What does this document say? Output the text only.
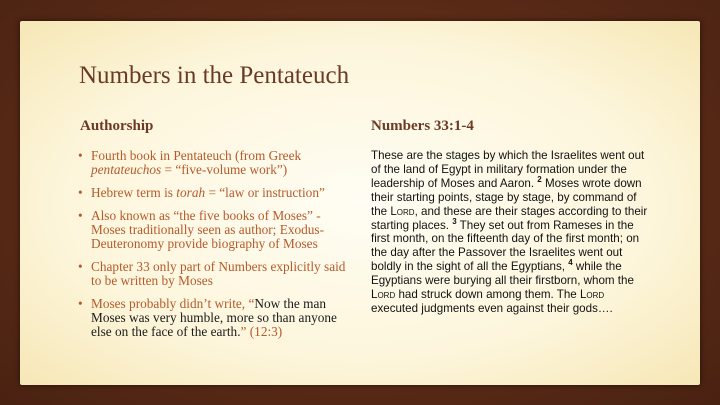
Numbers in the Pentateuch
Authorship	Numbers 33:1-4
• Fourth book in Pentateuch (from Greek pentateuchos = “five-volume work”)
• Hebrew term is torah = “law or instruction”
• Also known as “the five books of Moses” - Moses traditionally seen as author; Exodus-Deuteronomy provide biography of Moses
• Chapter 33 only part of Numbers explicitly said to be written by Moses
• Moses probably didn’t write, “Now the man Moses was very humble, more so than anyone else on the face of the earth.” (12:3)
These are the stages by which the Israelites went out of the land of Egypt in military formation under the leadership of Moses and Aaron. $^2$ Moses wrote down their starting points, stage by stage, by command of the Lord, and these are their stages according to their starting places. $^3$ They set out from Rameses in the first month, on the fifteenth day of the first month; on the day after the Passover the Israelites went out boldly in the sight of all the Egyptians, $^4$ while the Egyptians were burying all their firstborn, whom the Lord had struck down among them. The Lord executed judgments even against their gods….
